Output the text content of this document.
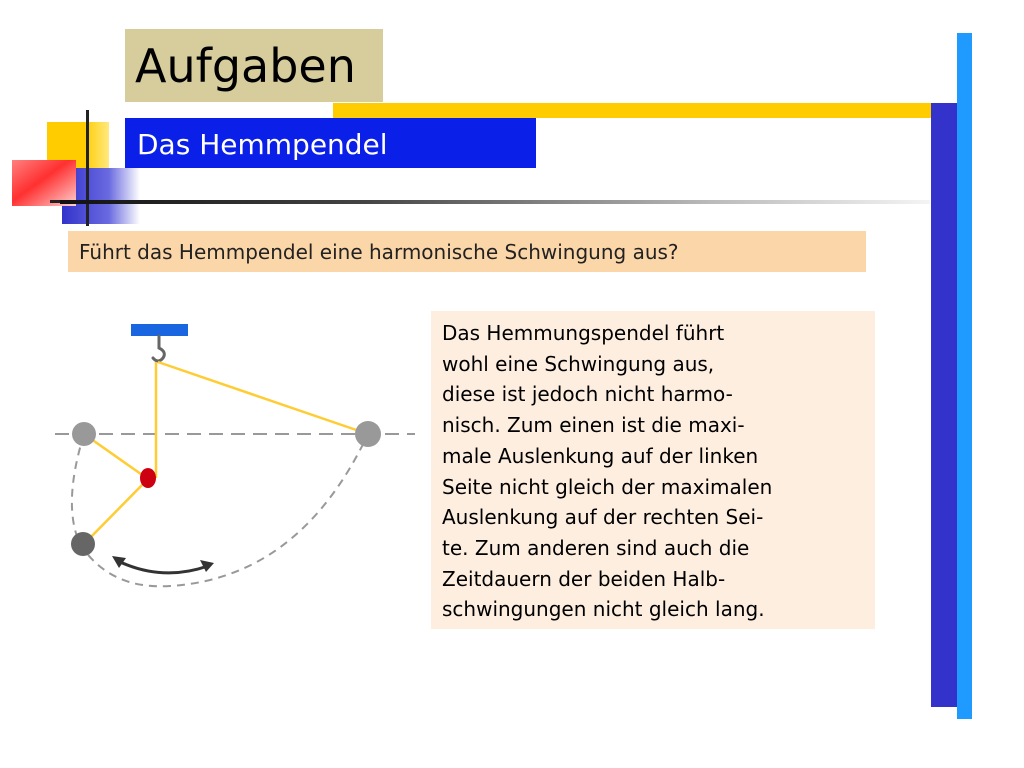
Aufgaben
Das Hemmpendel
Führt das Hemmpendel eine harmonische Schwingung aus?
Das Hemmungspendel führt
wohl eine Schwingung aus,
diese ist jedoch nicht harmo-
nisch. Zum einen ist die maxi-
male Auslenkung auf der linken
Seite nicht gleich der maximalen
Auslenkung auf der rechten Sei-
te. Zum anderen sind auch die
Zeitdauern der beiden Halb-
schwingungen nicht gleich lang.
